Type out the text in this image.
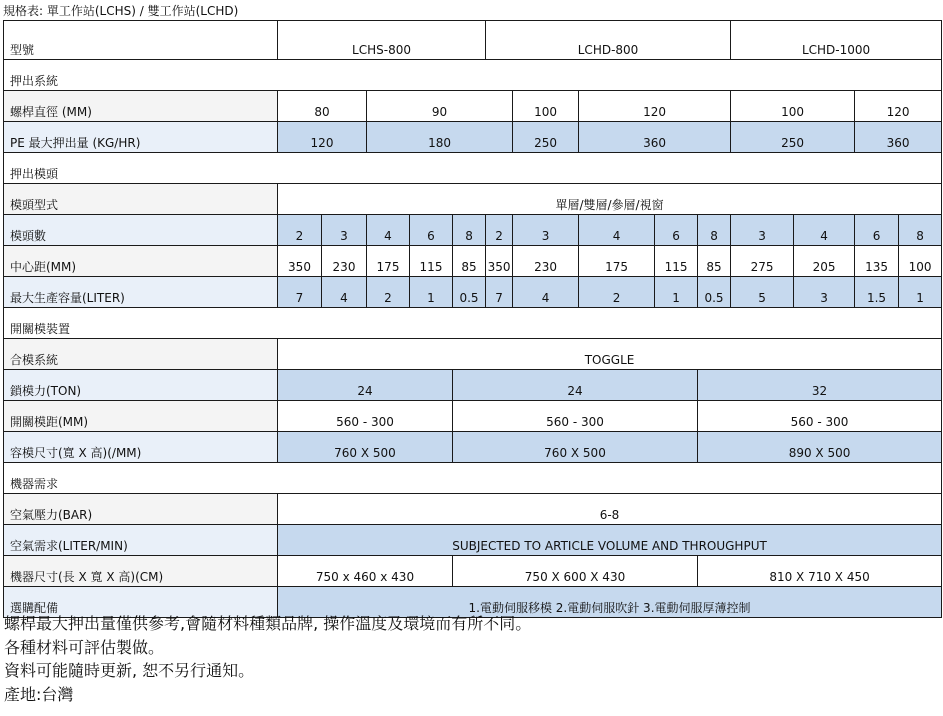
規格表: 單工作站(LCHS) / 雙工作站(LCHD)
型號	LCHS-800					LCHD-800					LCHD-1000			
押出系統														
螺桿直徑 (MM)	80		90				100	120			100		120	
PE 最大押出量 (KG/HR)	120		180				250	360			250		360	
押出模頭														
模頭型式	單層/雙層/參層/視窗													
模頭數	2	3	4	6	8	2	3	4	6	8	3	4	6	8
中心距(MM)	350	230	175	115	85	350	230	175	115	85	275	205	135	100
最大生產容量(LITER)	7	4	2	1	0.5	7	4	2	1	0.5	5	3	1.5	1
開關模裝置														
合模系統	TOGGLE													
鎖模力(TON)	24				24					32				
開關模距(MM)	560 - 300				560 - 300					560 - 300				
容模尺寸(寬 X 高)(/MM)	760 X 500				760 X 500					890 X 500				
機器需求														
空氣壓力(BAR)	6-8													
空氣需求(LITER/MIN)	SUBJECTED TO ARTICLE VOLUME AND THROUGHPUT													
機器尺寸(長 X 寬 X 高)(CM)	750 x 460 x 430				750 X 600 X 430					810 X 710 X 450				
選購配備	1.電動伺服移模 2.電動伺服吹針 3.電動伺服厚薄控制													
螺桿最大押出量僅供參考,會隨材料種類品牌, 操作溫度及環境而有所不同。
各種材料可評估製做。
資料可能隨時更新, 恕不另行通知。
產地:台灣
